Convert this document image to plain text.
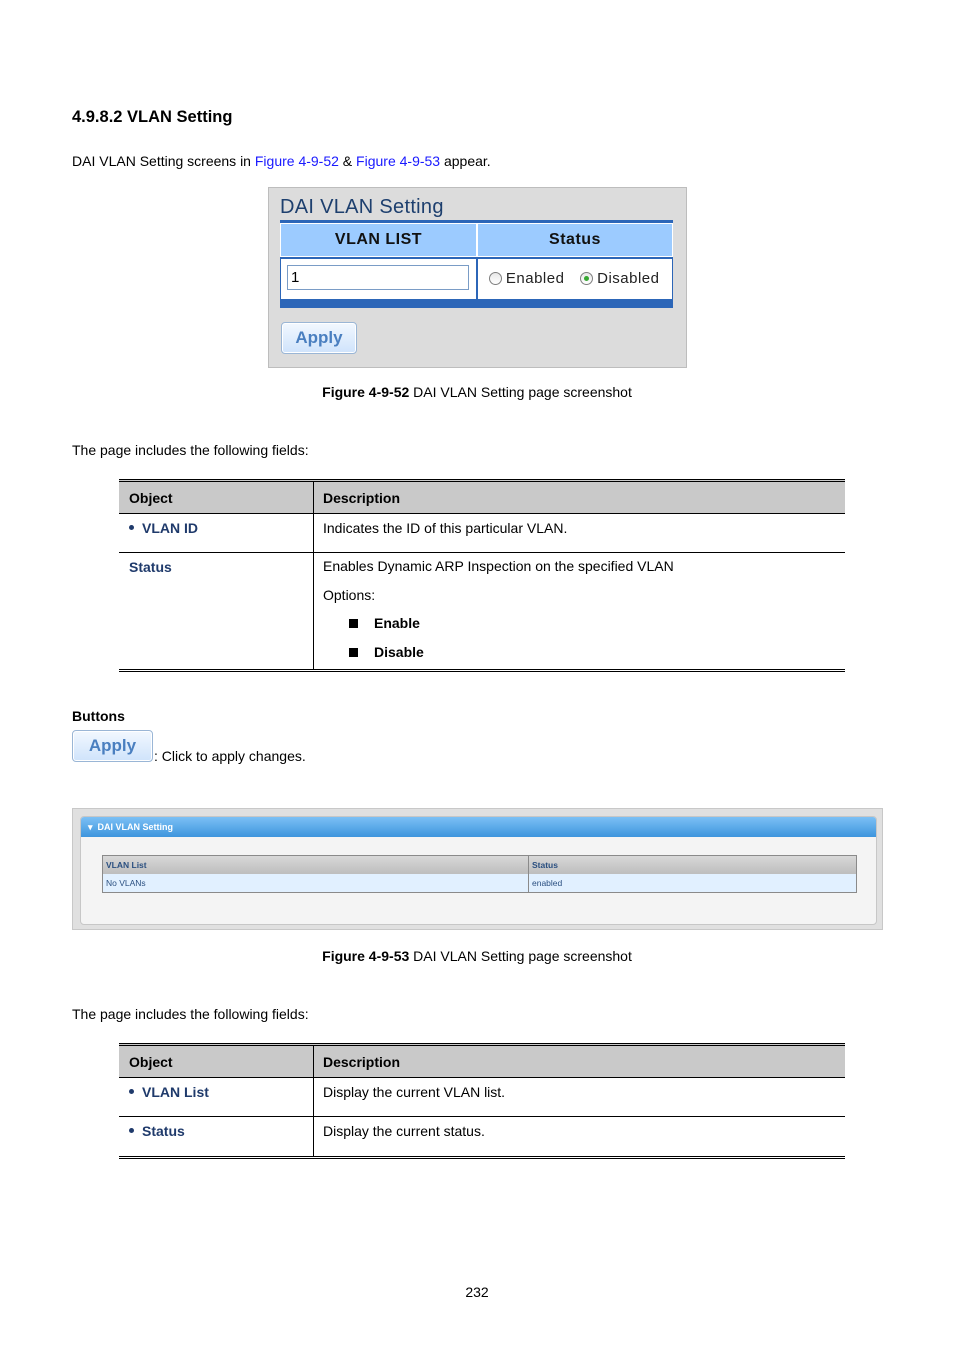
4.9.8.2 VLAN Setting
DAI VLAN Setting screens in Figure 4-9-52 & Figure 4-9-53 appear.
DAI VLAN Setting
VLAN LIST	Status
1	Enabled Disabled
Apply
Figure 4-9-52 DAI VLAN Setting page screenshot
The page includes the following fields:
Object	Description
VLAN ID	Indicates the ID of this particular VLAN.
Status	Enables Dynamic ARP Inspection on the specified VLAN
Options:
Enable
Disable
Buttons
Apply
: Click to apply changes.
▾ DAI VLAN Setting
VLAN List	Status
No VLANs	enabled
Figure 4-9-53 DAI VLAN Setting page screenshot
The page includes the following fields:
Object	Description
VLAN List	Display the current VLAN list.
Status	Display the current status.
232
